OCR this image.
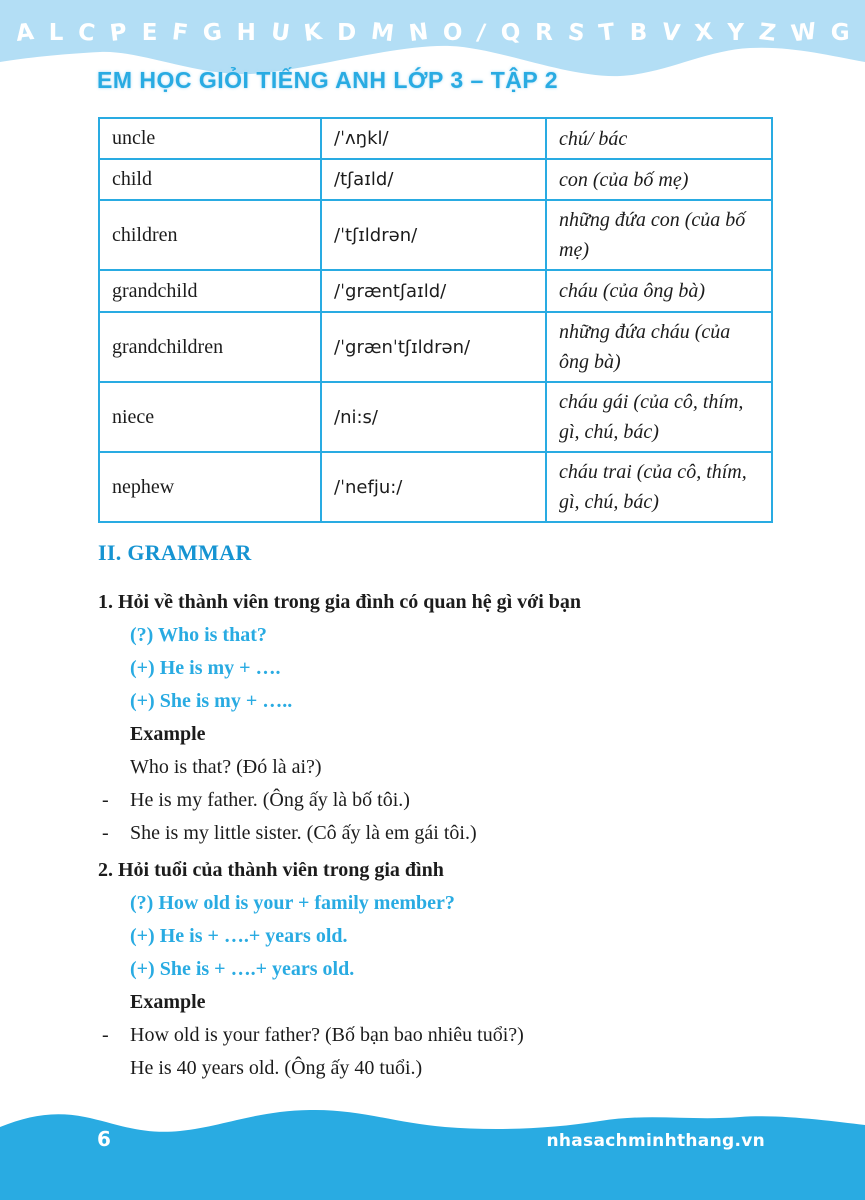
A L C P E F G H U K D M N O / Q R S T B V X Y Z W G
EM HỌC GIỎI TIẾNG ANH LỚP 3 – TẬP 2
uncle	/ˈʌŋkl/	chú/ bác
child	/tʃaɪld/	con (của bố mẹ)
children	/ˈtʃɪldrən/	những đứa con (của bố mẹ)
grandchild	/ˈgræntʃaɪld/	cháu (của ông bà)
grandchildren	/ˈgrænˈtʃɪldrən/	những đứa cháu (của ông bà)
niece	/ni:s/	cháu gái (của cô, thím, gì, chú, bác)
nephew	/ˈnefju:/	cháu trai (của cô, thím, gì, chú, bác)
II. GRAMMAR
1. Hỏi về thành viên trong gia đình có quan hệ gì với bạn
(?) Who is that?
(+) He is my + ….
(+) She is my + …..
Example
Who is that? (Đó là ai?)
- He is my father. (Ông ấy là bố tôi.)
- She is my little sister. (Cô ấy là em gái tôi.)
2. Hỏi tuổi của thành viên trong gia đình
(?) How old is your + family member?
(+) He is + ….+ years old.
(+) She is + ….+ years old.
Example
- How old is your father? (Bố bạn bao nhiêu tuổi?)
He is 40 years old. (Ông ấy 40 tuổi.)
6	nhasachminhthang.vn
